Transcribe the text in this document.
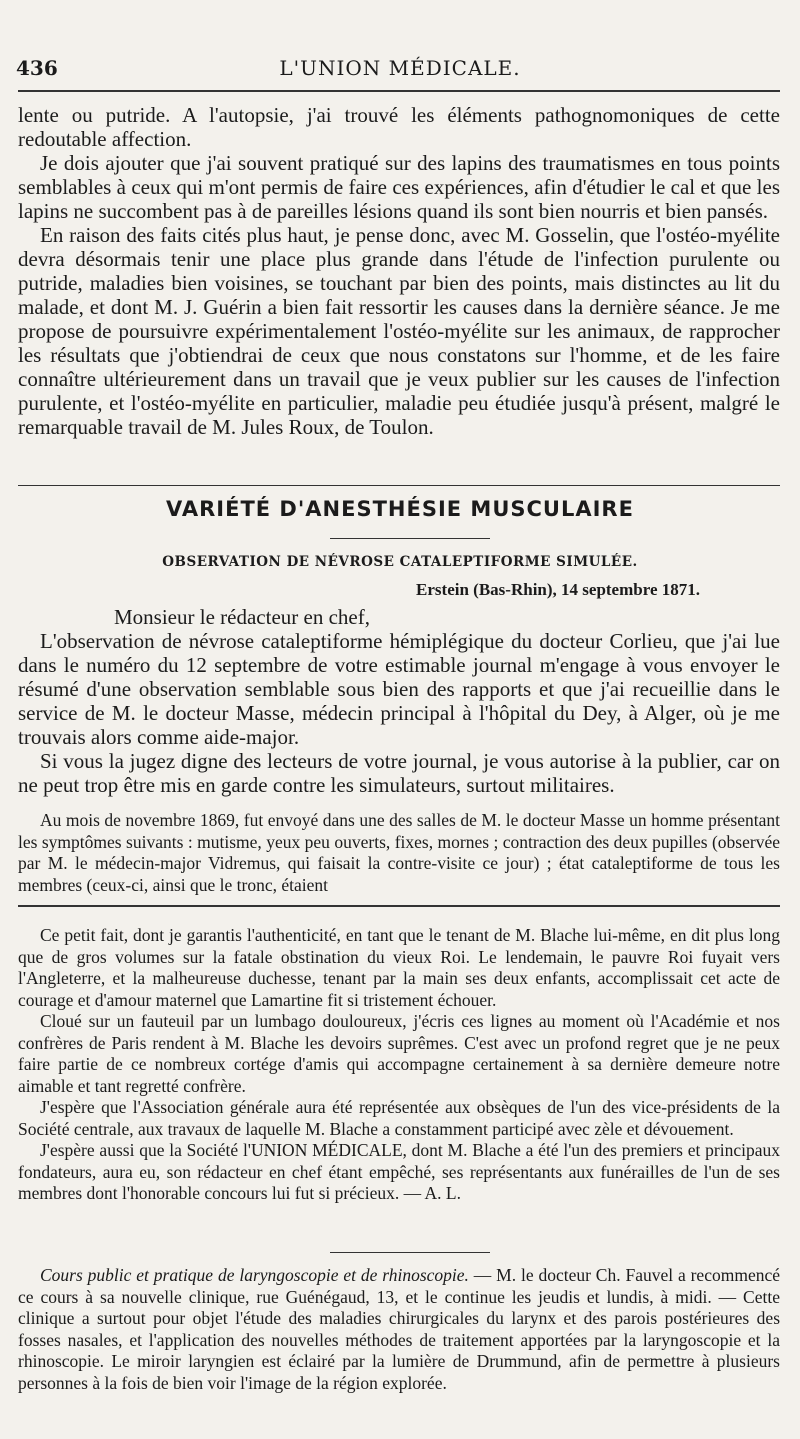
436	L'UNION MÉDICALE.

lente ou putride. A l'autopsie, j'ai trouvé les éléments pathognomoniques de cette redoutable affection.

Je dois ajouter que j'ai souvent pratiqué sur des lapins des traumatismes en tous points semblables à ceux qui m'ont permis de faire ces expériences, afin d'étudier le cal et que les lapins ne succombent pas à de pareilles lésions quand ils sont bien nourris et bien pansés.

En raison des faits cités plus haut, je pense donc, avec M. Gosselin, que l'ostéo-myélite devra désormais tenir une place plus grande dans l'étude de l'infection purulente ou putride, maladies bien voisines, se touchant par bien des points, mais distinctes au lit du malade, et dont M. J. Guérin a bien fait ressortir les causes dans la dernière séance. Je me propose de poursuivre expérimentalement l'ostéo-myélite sur les animaux, de rapprocher les résultats que j'obtiendrai de ceux que nous constatons sur l'homme, et de les faire connaître ultérieurement dans un travail que je veux publier sur les causes de l'infection purulente, et l'ostéo-myélite en particulier, maladie peu étudiée jusqu'à présent, malgré le remarquable travail de M. Jules Roux, de Toulon.

VARIÉTÉ D'ANESTHÉSIE MUSCULAIRE
OBSERVATION DE NÉVROSE CATALEPTIFORME SIMULÉE.
Erstein (Bas-Rhin), 14 septembre 1871.

Monsieur le rédacteur en chef,

L'observation de névrose cataleptiforme hémiplégique du docteur Corlieu, que j'ai lue dans le numéro du 12 septembre de votre estimable journal m'engage à vous envoyer le résumé d'une observation semblable sous bien des rapports et que j'ai recueillie dans le service de M. le docteur Masse, médecin principal à l'hôpital du Dey, à Alger, où je me trouvais alors comme aide-major.

Si vous la jugez digne des lecteurs de votre journal, je vous autorise à la publier, car on ne peut trop être mis en garde contre les simulateurs, surtout militaires.

Au mois de novembre 1869, fut envoyé dans une des salles de M. le docteur Masse un homme présentant les symptômes suivants : mutisme, yeux peu ouverts, fixes, mornes ; contraction des deux pupilles (observée par M. le médecin-major Vidremus, qui faisait la contre-visite ce jour) ; état cataleptiforme de tous les membres (ceux-ci, ainsi que le tronc, étaient

Ce petit fait, dont je garantis l'authenticité, en tant que le tenant de M. Blache lui-même, en dit plus long que de gros volumes sur la fatale obstination du vieux Roi. Le lendemain, le pauvre Roi fuyait vers l'Angleterre, et la malheureuse duchesse, tenant par la main ses deux enfants, accomplissait cet acte de courage et d'amour maternel que Lamartine fit si tristement échouer.

Cloué sur un fauteuil par un lumbago douloureux, j'écris ces lignes au moment où l'Académie et nos confrères de Paris rendent à M. Blache les devoirs suprêmes. C'est avec un profond regret que je ne peux faire partie de ce nombreux cortége d'amis qui accompagne certainement à sa dernière demeure notre aimable et tant regretté confrère.

J'espère que l'Association générale aura été représentée aux obsèques de l'un des vice-présidents de la Société centrale, aux travaux de laquelle M. Blache a constamment participé avec zèle et dévouement.

J'espère aussi que la Société l'UNION MÉDICALE, dont M. Blache a été l'un des premiers et principaux fondateurs, aura eu, son rédacteur en chef étant empêché, ses représentants aux funérailles de l'un de ses membres dont l'honorable concours lui fut si précieux. — A. L.

Cours public et pratique de laryngoscopie et de rhinoscopie. — M. le docteur Ch. Fauvel a recommencé ce cours à sa nouvelle clinique, rue Guénégaud, 13, et le continue les jeudis et lundis, à midi. — Cette clinique a surtout pour objet l'étude des maladies chirurgicales du larynx et des parois postérieures des fosses nasales, et l'application des nouvelles méthodes de traitement apportées par la laryngoscopie et la rhinoscopie. Le miroir laryngien est éclairé par la lumière de Drummund, afin de permettre à plusieurs personnes à la fois de bien voir l'image de la région explorée.
